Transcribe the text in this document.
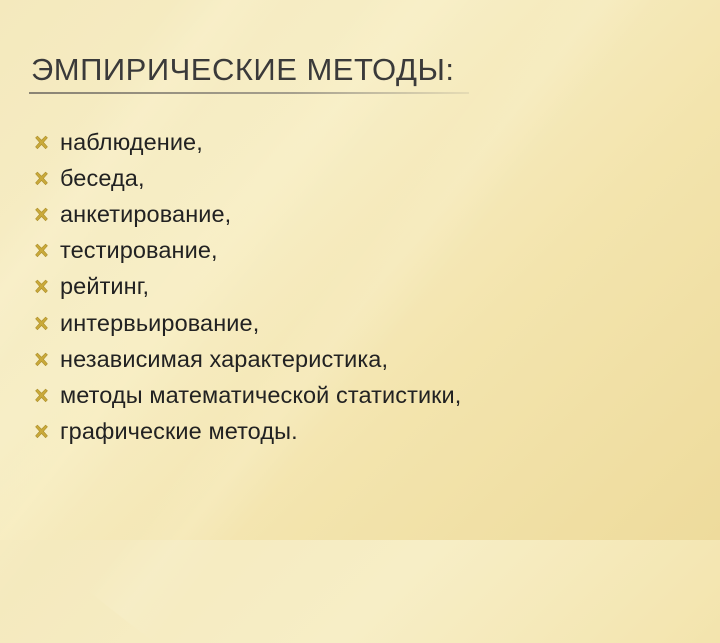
ЭМПИРИЧЕСКИЕ МЕТОДЫ:
наблюдение,
беседа,
анкетирование,
тестирование,
рейтинг,
интервьирование,
независимая характеристика,
методы математической статистики,
графические методы.
